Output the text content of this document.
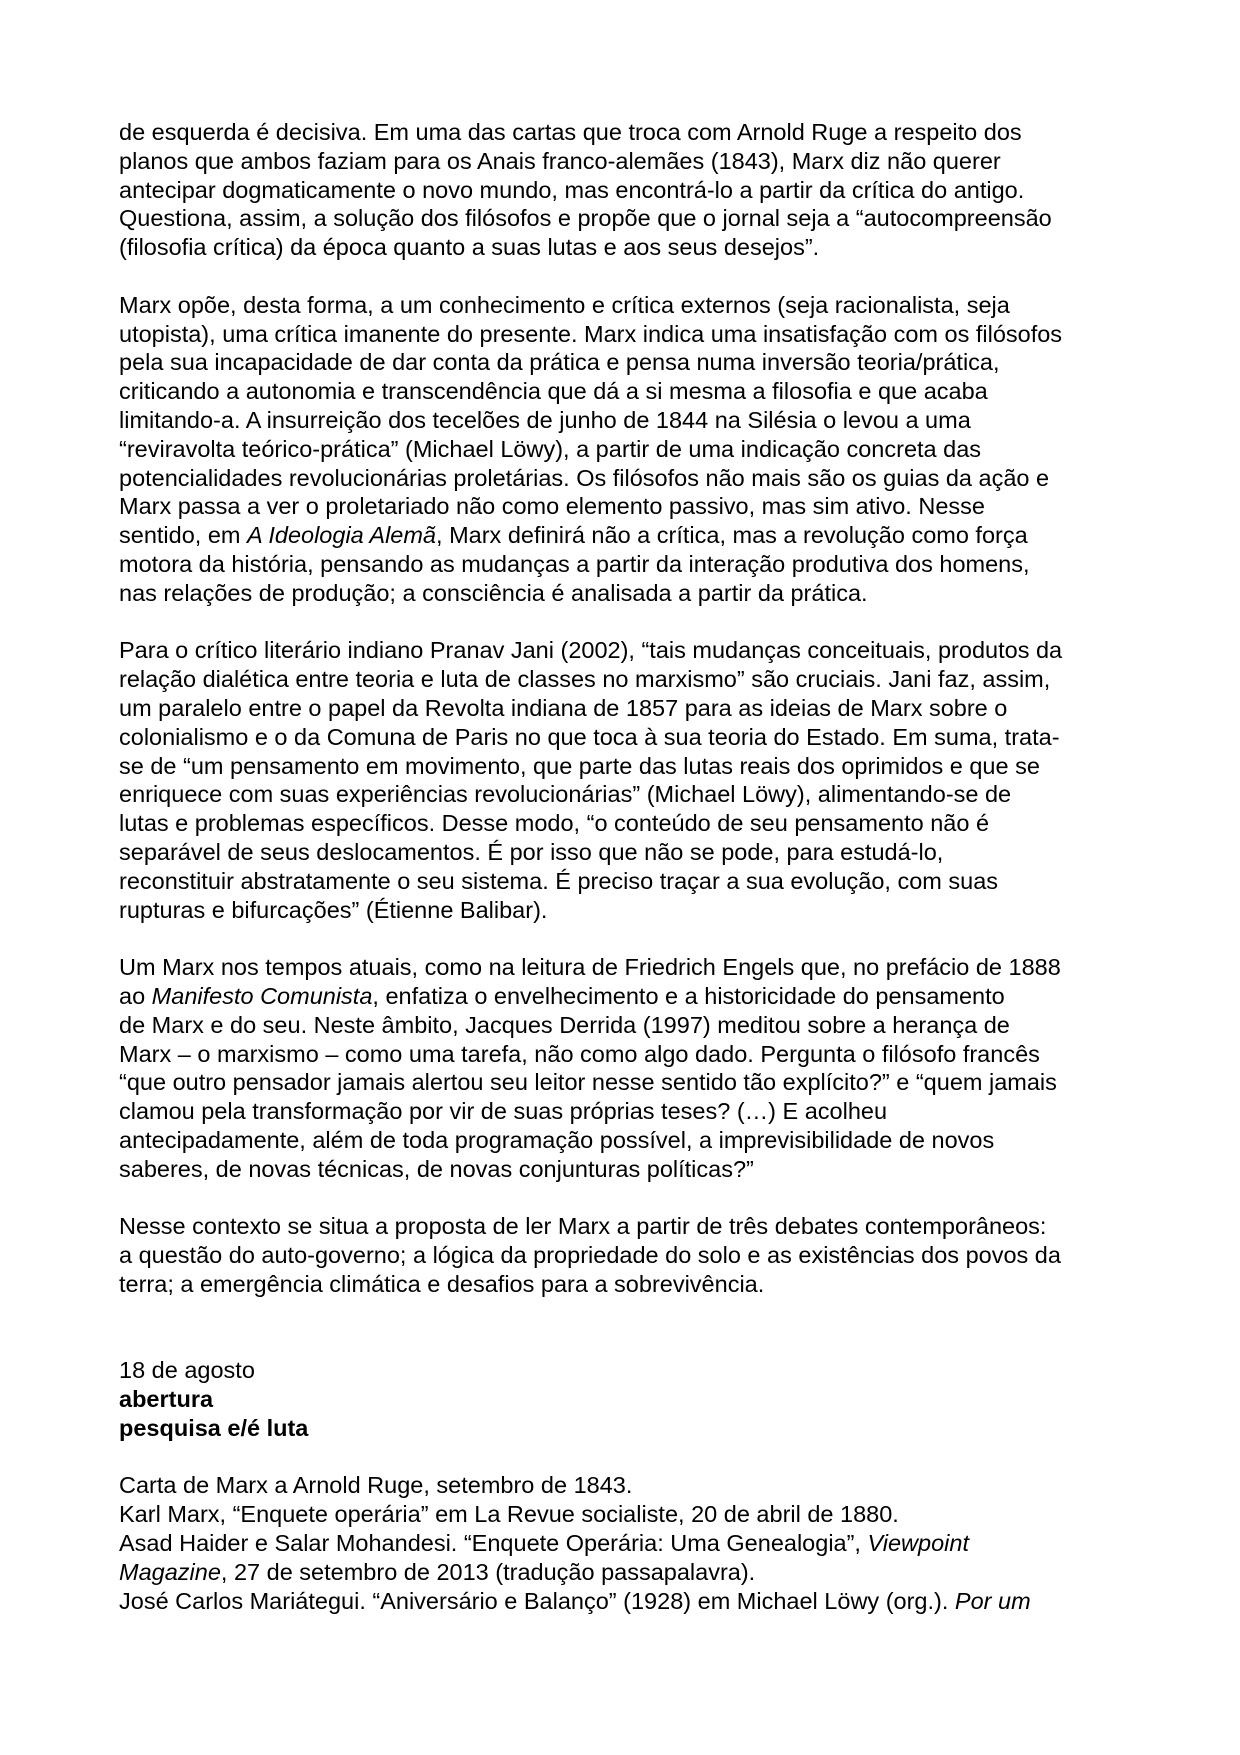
de esquerda é decisiva. Em uma das cartas que troca com Arnold Ruge a respeito dos
planos que ambos faziam para os Anais franco-alemães (1843), Marx diz não querer
antecipar dogmaticamente o novo mundo, mas encontrá-lo a partir da crítica do antigo.
Questiona, assim, a solução dos filósofos e propõe que o jornal seja a “autocompreensão
(filosofia crítica) da época quanto a suas lutas e aos seus desejos”.
Marx opõe, desta forma, a um conhecimento e crítica externos (seja racionalista, seja
utopista), uma crítica imanente do presente. Marx indica uma insatisfação com os filósofos
pela sua incapacidade de dar conta da prática e pensa numa inversão teoria/prática,
criticando a autonomia e transcendência que dá a si mesma a filosofia e que acaba
limitando-a. A insurreição dos tecelões de junho de 1844 na Silésia o levou a uma
“reviravolta teórico-prática” (Michael Löwy), a partir de uma indicação concreta das
potencialidades revolucionárias proletárias. Os filósofos não mais são os guias da ação e
Marx passa a ver o proletariado não como elemento passivo, mas sim ativo. Nesse
sentido, em A Ideologia Alemã, Marx definirá não a crítica, mas a revolução como força
motora da história, pensando as mudanças a partir da interação produtiva dos homens,
nas relações de produção; a consciência é analisada a partir da prática.
Para o crítico literário indiano Pranav Jani (2002), “tais mudanças conceituais, produtos da
relação dialética entre teoria e luta de classes no marxismo” são cruciais. Jani faz, assim,
um paralelo entre o papel da Revolta indiana de 1857 para as ideias de Marx sobre o
colonialismo e o da Comuna de Paris no que toca à sua teoria do Estado. Em suma, trata-
se de “um pensamento em movimento, que parte das lutas reais dos oprimidos e que se
enriquece com suas experiências revolucionárias” (Michael Löwy), alimentando-se de
lutas e problemas específicos. Desse modo, “o conteúdo de seu pensamento não é
separável de seus deslocamentos. É por isso que não se pode, para estudá-lo,
reconstituir abstratamente o seu sistema. É preciso traçar a sua evolução, com suas
rupturas e bifurcações” (Étienne Balibar).
Um Marx nos tempos atuais, como na leitura de Friedrich Engels que, no prefácio de 1888
ao Manifesto Comunista, enfatiza o envelhecimento e a historicidade do pensamento
de Marx e do seu. Neste âmbito, Jacques Derrida (1997) meditou sobre a herança de
Marx – o marxismo – como uma tarefa, não como algo dado. Pergunta o filósofo francês
“que outro pensador jamais alertou seu leitor nesse sentido tão explícito?” e “quem jamais
clamou pela transformação por vir de suas próprias teses? (…) E acolheu
antecipadamente, além de toda programação possível, a imprevisibilidade de novos
saberes, de novas técnicas, de novas conjunturas políticas?”
Nesse contexto se situa a proposta de ler Marx a partir de três debates contemporâneos:
a questão do auto-governo; a lógica da propriedade do solo e as existências dos povos da
terra; a emergência climática e desafios para a sobrevivência.
18 de agosto
abertura
pesquisa e/é luta
Carta de Marx a Arnold Ruge, setembro de 1843.
Karl Marx, “Enquete operária” em La Revue socialiste, 20 de abril de 1880.
Asad Haider e Salar Mohandesi. “Enquete Operária: Uma Genealogia”, Viewpoint
Magazine, 27 de setembro de 2013 (tradução passapalavra).
José Carlos Mariátegui. “Aniversário e Balanço” (1928) em Michael Löwy (org.). Por um
